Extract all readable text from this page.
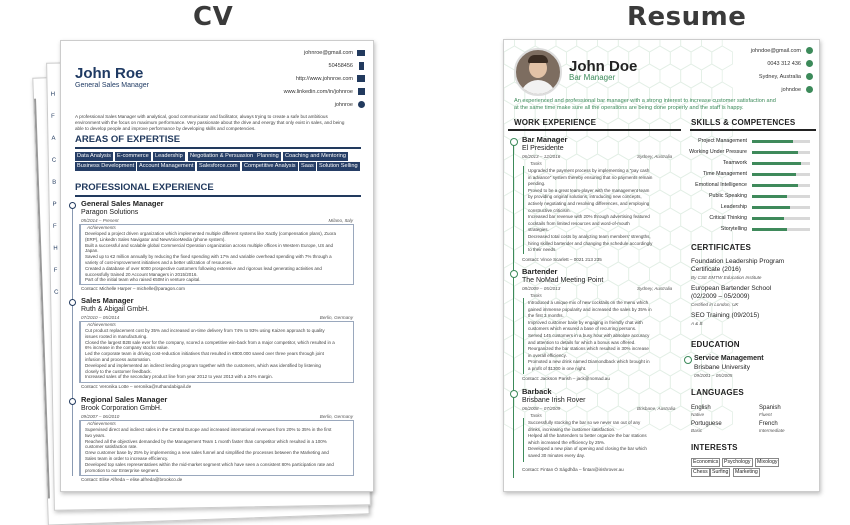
CV	Resume
H
F
A
C
B
P
F
H
F
C
John Roe
General Sales Manager
johnroe@gmail.com
50458456
http://www.johnroe.com
www.linkedin.com/in/johnroe
johnroe
A professional Sales Manager with analytical, good communicator and facilitator, always trying to create a safe but ambitious
environment with the focus on maximum performance. Very passionate about the drive and energy that only exist in sales, and being
able to develop people and improve performance by developing skills and competencies.
AREAS OF EXPERTISE
Data Analysis	E-commerce	Leadership	Negotiation & Persuasion Planning	Coaching and Mentoring
Business Development Account Management Salesforce.com	Competitive Analysis Saas Solution Selling
PROFESSIONAL EXPERIENCE
General Sales Manager
Paragon Solutions
05/2014 – Present	Milano, Italy
Achievements
Contact: Michelle Harper – michelle@paragon.com
Sales Manager
Ruth & Abigail GmbH.
07/2010 – 05/2014	Berlin, Germany
Achievements
Contact: Veronika Lotte – veronika@ruthandabigail.de
Regional Sales Manager
Brook Corporation GmbH.
09/2007 – 06/2010	Berlin, Germany
Achievements
Contact: Elise Alfreda – elise.alfreda@brookco.de
Developed a project driven organization which implemented multiple different systems like Xactly (compensation plans), Zuora
(ERP), LinkedIn Sales Navigator and NewVoiceMedia (phone system).
Built a successful and scalable global Commercial Operation organization across multiple offices in Western Europe, US and
Japan.
Saved up to €2 million annually by reducing the fixed spending with 17% and variable overhead spending with 7% through a
variety of cost-improvement initiatives and a better utilization of resources.
Created a database of over 6000 prospective customers following extensive and rigorous lead generating activities and
successfully trained 20 Account Managers in 2015/2016.
Part of the initial team who raised €50M in venture capital.
Cut product replacement cost by 35% and increased on-time delivery from 74% to 93% using Kaizen approach to quality
issues rooted in manufacturing.
Closed the largest B2B sale ever for the company, scored a competitive win-back from a major competitor, which resulted in a
6% increase in the company stocks value.
Led the corporate team in driving cost-reduction initiatives that resulted in €800.000 saved over three years through joint
infusion and process automation.
Developed and implemented an indirect lending program together with the customers, which was identified by listening
closely to the customer feedback.
Increased sales of the secondary product line from year 2012 to year 2013 with a 24% margin.
Supervised direct and indirect sales in the Central Europe and increased international revenues from 20% to 35% in the first
two years.
Reached all the objectives demanded by the Management Team 1 month faster than competitor which resulted in a 100%
customer satisfaction rate.
Grew customer base by 25% by implementing a new sales funnel and simplified the processes between the Marketing and
Sales team in order to increase efficiency.
Developed top sales representatives within the mid-market segment which have seen a consistent 80% participation rate and
promotion to our Enterprise segment.
John Doe
Bar Manager
johndoe@gmail.com
0043 312 436
Sydney, Australia
johndoe
An experienced and professional bar manager with a strong interest to increase customer satisfaction and
at the same time make sure all the operations are being done properly and the staff is happy.
WORK EXPERIENCE
Bar Manager
El Presidente
06/2013 – 12/2016	Sydney, Australia
Tasks
Contact: Vince Scarlett – 0021 213 235
Bartender
The NoMad Meeting Point
08/2009 – 05/2013	Sydney, Australia
Tasks
Contact: Jackson Parish – jack@nomad.au
Barback
Brisbane Irish Rover
06/2008 – 07/2009	Brisbane, Australia
Tasks
Contact: Fintan Ó Ságdhða – fintan@irishrover.au
SKILLS & COMPETENCES
CERTIFICATES
Foundation Leadership Program
Certificate (2016)
By CSE EMTW Education Institute
European Bartender School
(02/2009 – 05/2009)
Certified in London, UK
SEO Training (09/2015)
A & B
EDUCATION
Service Management
Brisbane University
09/2001 – 05/2005
LANGUAGES
English
Native
Spanish
Fluent
Portuguese
Basic
French
Intermediate
INTERESTS
Economics	Psychology	Mixology
Chess Surfing	Marketing
Upgraded the payment process by implementing a "pay cash
in advance" system thereby ensuring that no payments remain
pending.
Proved to be a great team-player with the management team
by providing original solutions, introducing new concepts,
actively negotiating and resolving differences, and employing
constructive criticism.
Increased bar revenue with 20% through advertising featured
cocktails from limited resources and word-of-mouth
strategies.
Decreased total costs by analyzing team members' strengths,
hiring skilled bartender and changing the schedule accordingly
to their needs.
Introduced a unique mix of new cocktails on the menu which
gained immense popularity and increased the sales by 35% in
the first 3 months.
Improved customer base by engaging in friendly chat with
customers which ensured a base of recurring persons.
Served 145 customers in a busy hour with absolute accuracy
and attention to details for which a bonus was offered.
Reorganized the bar stations which resulted in 30% increase
in overall efficiency.
Promoted a new drink named Diamondback which brought in
a profit of $1300 in one night.
Successfully stocking the bar so we never ran out of any
drinks, increasing the customer satisfaction.
Helped all the bartenders to better organize the bar stations
which increased the efficiency by 25%.
Developed a new plan of opening and closing the bar which
saved 30 minutes every day.
Project Management
Working Under Pressure
Teamwork
Time Management
Emotional Intelligence
Public Speaking
Leadership
Critical Thinking
Storytelling
